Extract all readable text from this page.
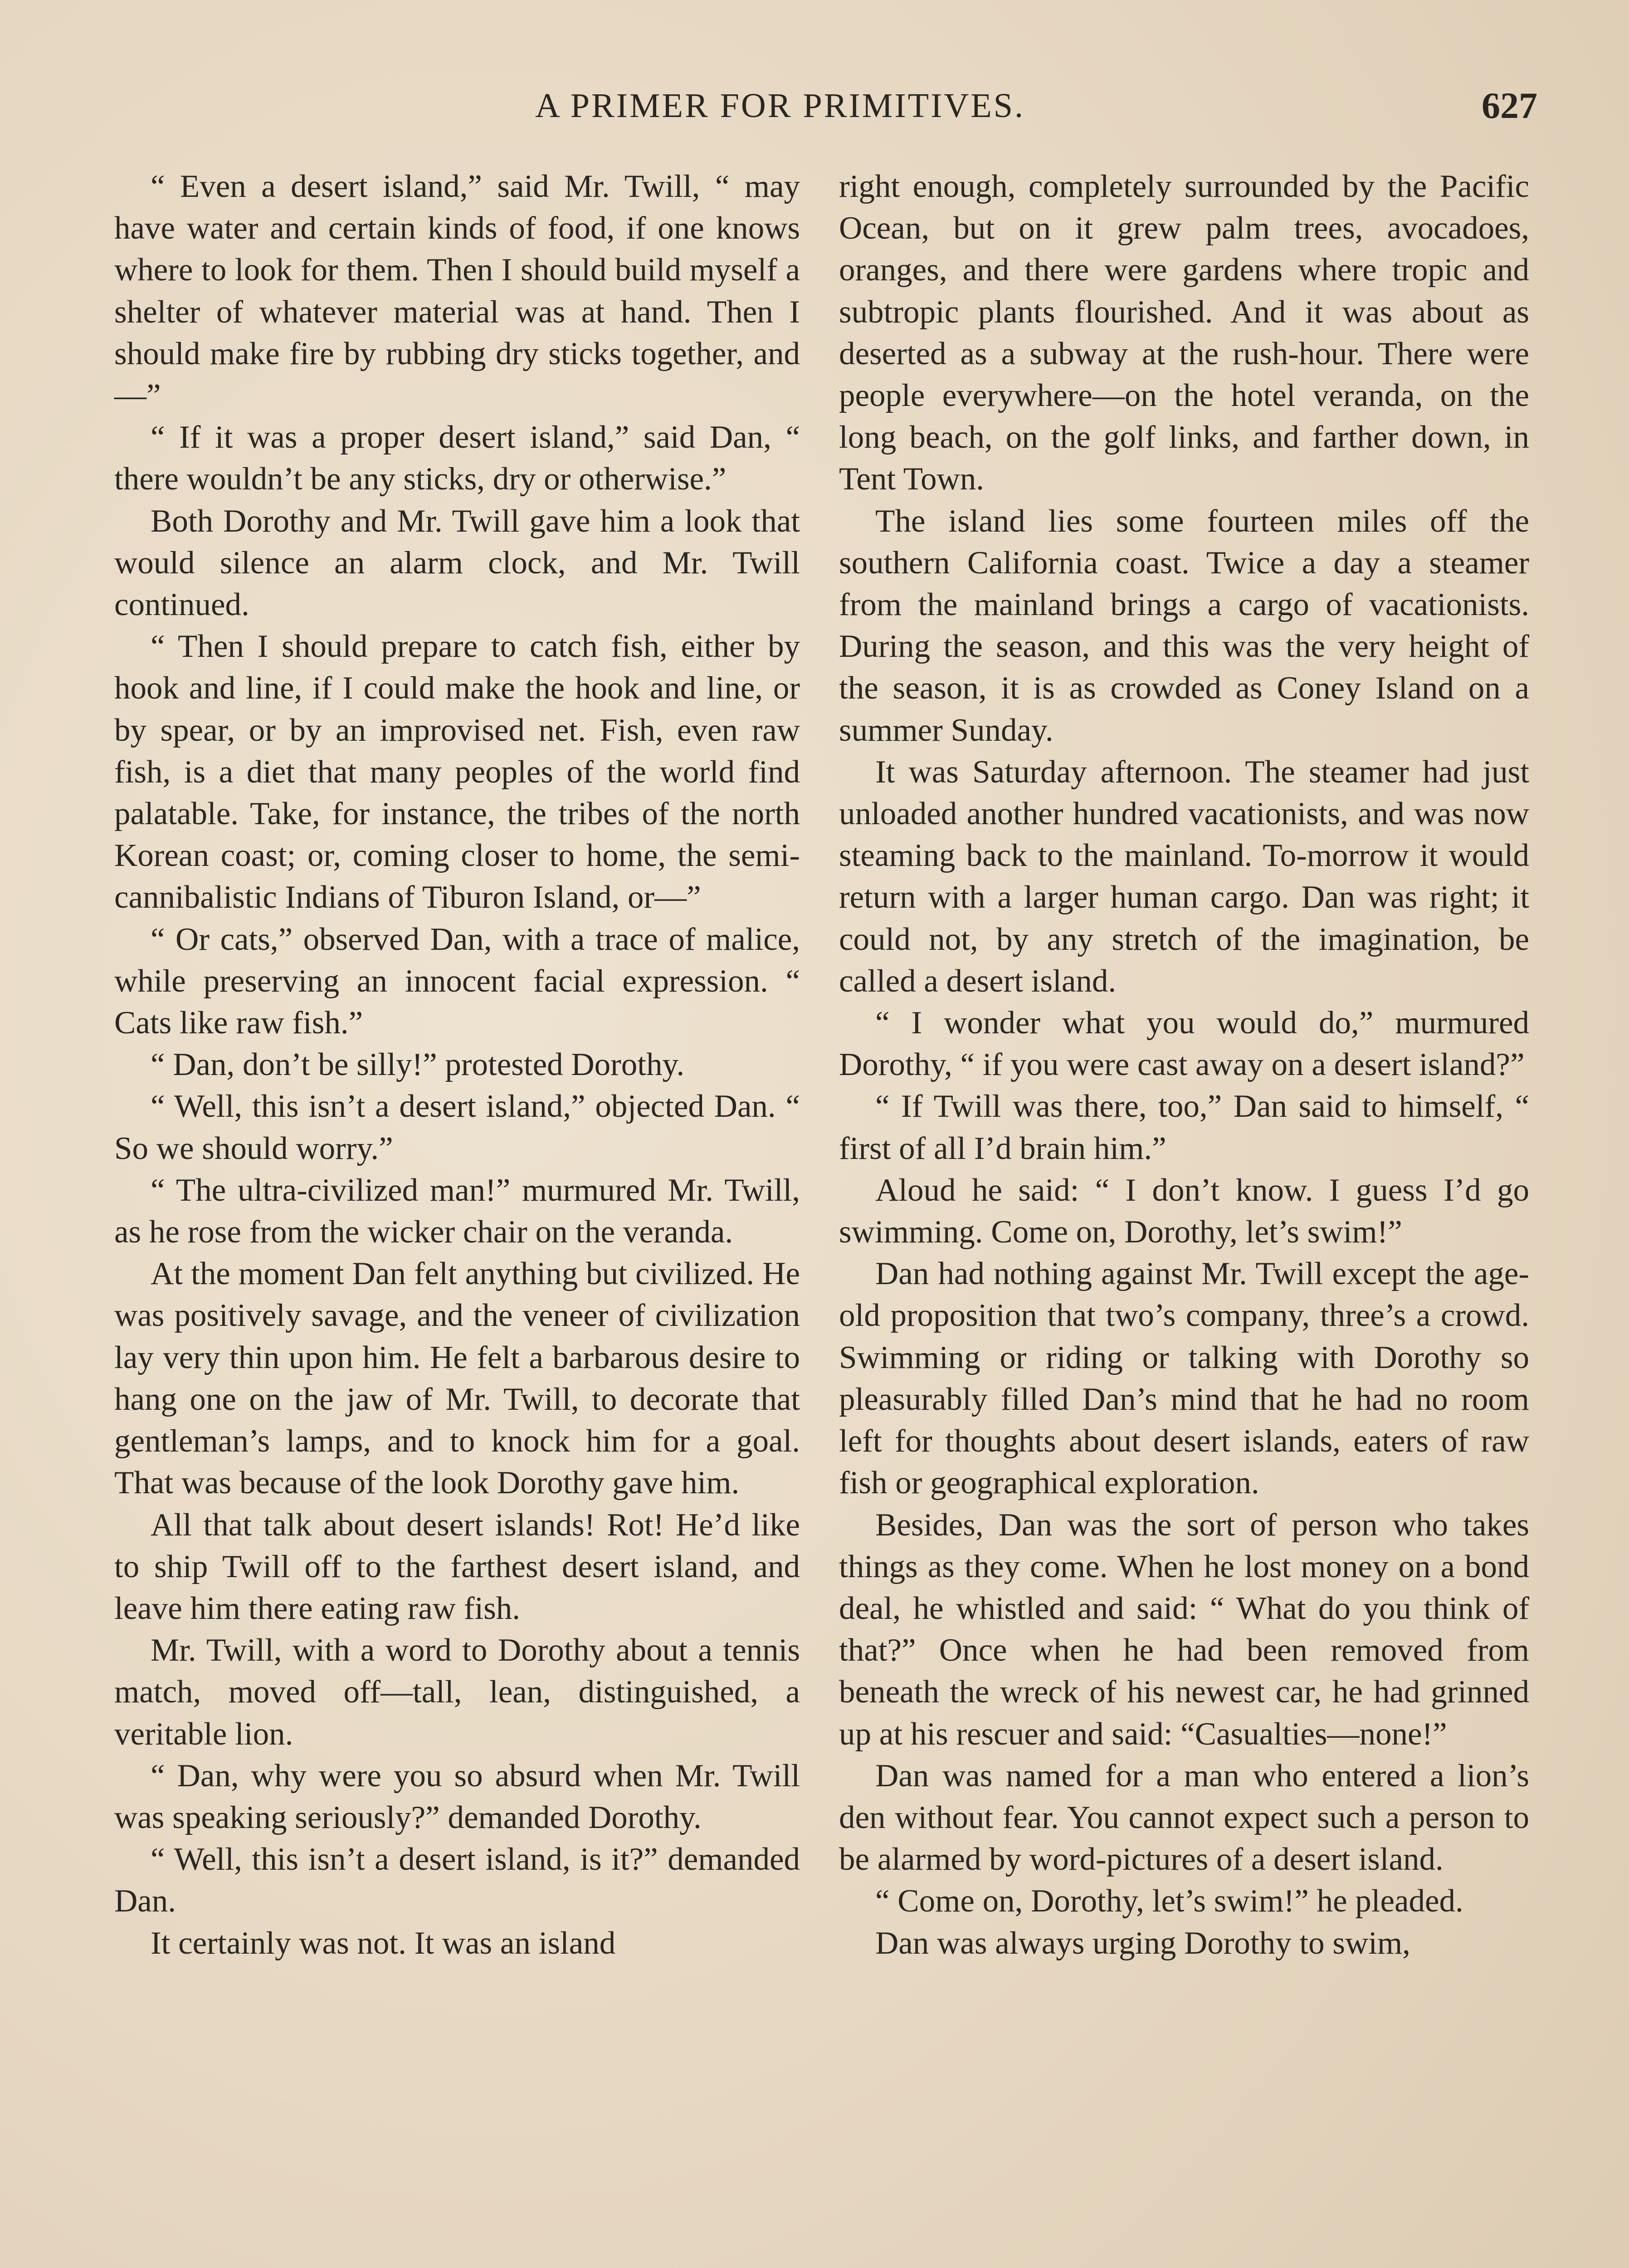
A PRIMER FOR PRIMITIVES.	627

“ Even a desert island,” said Mr. Twill, “ may have water and certain kinds of food, if one knows where to look for them. Then I should build myself a shelter of whatever material was at hand. Then I should make fire by rubbing dry sticks together, and—”

“ If it was a proper desert island,” said Dan, “ there wouldn’t be any sticks, dry or otherwise.”

Both Dorothy and Mr. Twill gave him a look that would silence an alarm clock, and Mr. Twill continued.

“ Then I should prepare to catch fish, either by hook and line, if I could make the hook and line, or by spear, or by an improvised net. Fish, even raw fish, is a diet that many peoples of the world find palatable. Take, for instance, the tribes of the north Korean coast; or, coming closer to home, the semi-cannibalistic Indians of Tiburon Island, or—”

“ Or cats,” observed Dan, with a trace of malice, while preserving an innocent facial expression. “ Cats like raw fish.”

“ Dan, don’t be silly!” protested Dorothy.

“ Well, this isn’t a desert island,” objected Dan. “ So we should worry.”

“ The ultra-civilized man!” murmured Mr. Twill, as he rose from the wicker chair on the veranda.

At the moment Dan felt anything but civilized. He was positively savage, and the veneer of civilization lay very thin upon him. He felt a barbarous desire to hang one on the jaw of Mr. Twill, to decorate that gentleman’s lamps, and to knock him for a goal. That was because of the look Dorothy gave him.

All that talk about desert islands! Rot! He’d like to ship Twill off to the farthest desert island, and leave him there eating raw fish.

Mr. Twill, with a word to Dorothy about a tennis match, moved off—tall, lean, distinguished, a veritable lion.

“ Dan, why were you so absurd when Mr. Twill was speaking seriously?” demanded Dorothy.

“ Well, this isn’t a desert island, is it?” demanded Dan.

It certainly was not. It was an island

right enough, completely surrounded by the Pacific Ocean, but on it grew palm trees, avocadoes, oranges, and there were gardens where tropic and subtropic plants flourished. And it was about as deserted as a subway at the rush-hour. There were people everywhere—on the hotel veranda, on the long beach, on the golf links, and farther down, in Tent Town.

The island lies some fourteen miles off the southern California coast. Twice a day a steamer from the mainland brings a cargo of vacationists. During the season, and this was the very height of the season, it is as crowded as Coney Island on a summer Sunday.

It was Saturday afternoon. The steamer had just unloaded another hundred vacationists, and was now steaming back to the mainland. To-morrow it would return with a larger human cargo. Dan was right; it could not, by any stretch of the imagination, be called a desert island.

“ I wonder what you would do,” murmured Dorothy, “ if you were cast away on a desert island?”

“ If Twill was there, too,” Dan said to himself, “ first of all I’d brain him.”

Aloud he said: “ I don’t know. I guess I’d go swimming. Come on, Dorothy, let’s swim!”

Dan had nothing against Mr. Twill except the age-old proposition that two’s company, three’s a crowd. Swimming or riding or talking with Dorothy so pleasurably filled Dan’s mind that he had no room left for thoughts about desert islands, eaters of raw fish or geographical exploration.

Besides, Dan was the sort of person who takes things as they come. When he lost money on a bond deal, he whistled and said: “ What do you think of that?” Once when he had been removed from beneath the wreck of his newest car, he had grinned up at his rescuer and said: “Casualties—none!”

Dan was named for a man who entered a lion’s den without fear. You cannot expect such a person to be alarmed by word-pictures of a desert island.

“ Come on, Dorothy, let’s swim!” he pleaded.

Dan was always urging Dorothy to swim,
